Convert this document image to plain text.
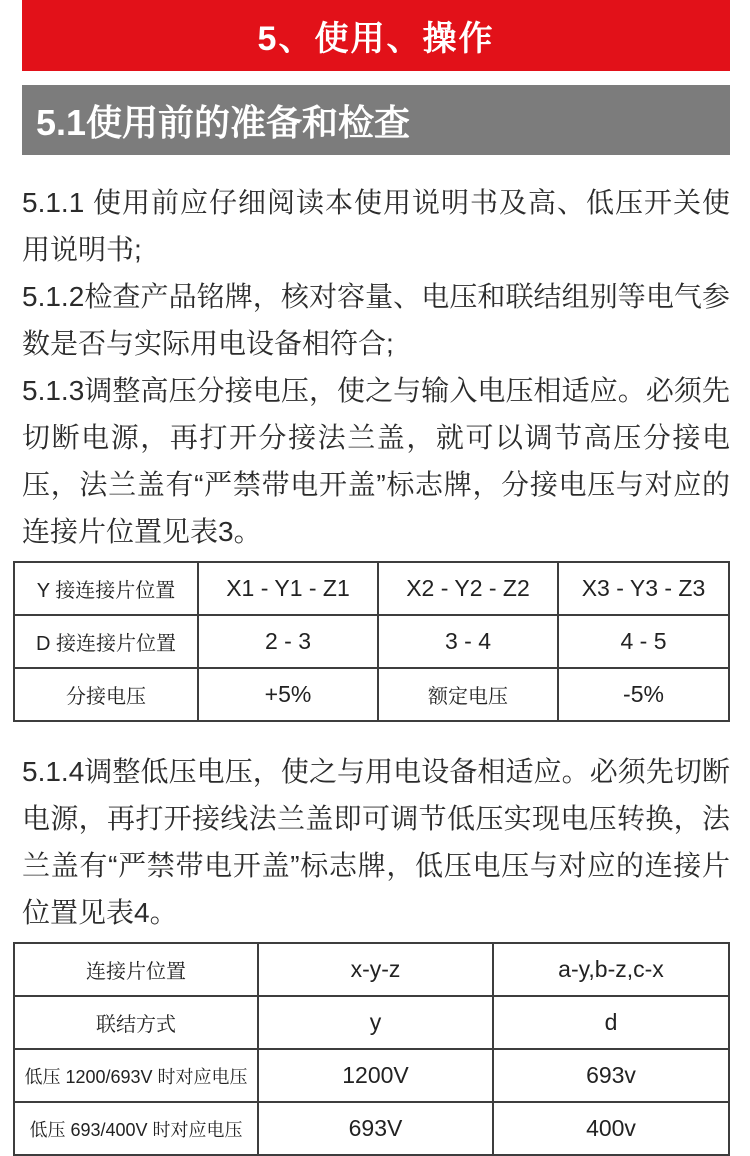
5、使用、操作
5.1使用前的准备和检查

5.1.1 使用前应仔细阅读本使用说明书及高、低压开关使用说明书;

5.1.2检查产品铭牌，核对容量、电压和联结组别等电气参数是否与实际用电设备相符合;

5.1.3调整高压分接电压，使之与输入电压相适应。必须先切断电源，再打开分接法兰盖，就可以调节高压分接电压，法兰盖有“严禁带电开盖”标志牌，分接电压与对应的连接片位置见表3。

Y 接连接片位置	X1 - Y1 - Z1	X2 - Y2 - Z2	X3 - Y3 - Z3
D 接连接片位置	2 - 3	3 - 4	4 - 5
分接电压	+5%	额定电压	-5%

5.1.4调整低压电压，使之与用电设备相适应。必须先切断电源，再打开接线法兰盖即可调节低压实现电压转换，法兰盖有“严禁带电开盖”标志牌，低压电压与对应的连接片位置见表4。

连接片位置	x-y-z	a-y,b-z,c-x
联结方式	y	d
低压 1200/693V 时对应电压	1200V	693v
低压 693/400V 时对应电压	693V	400v
